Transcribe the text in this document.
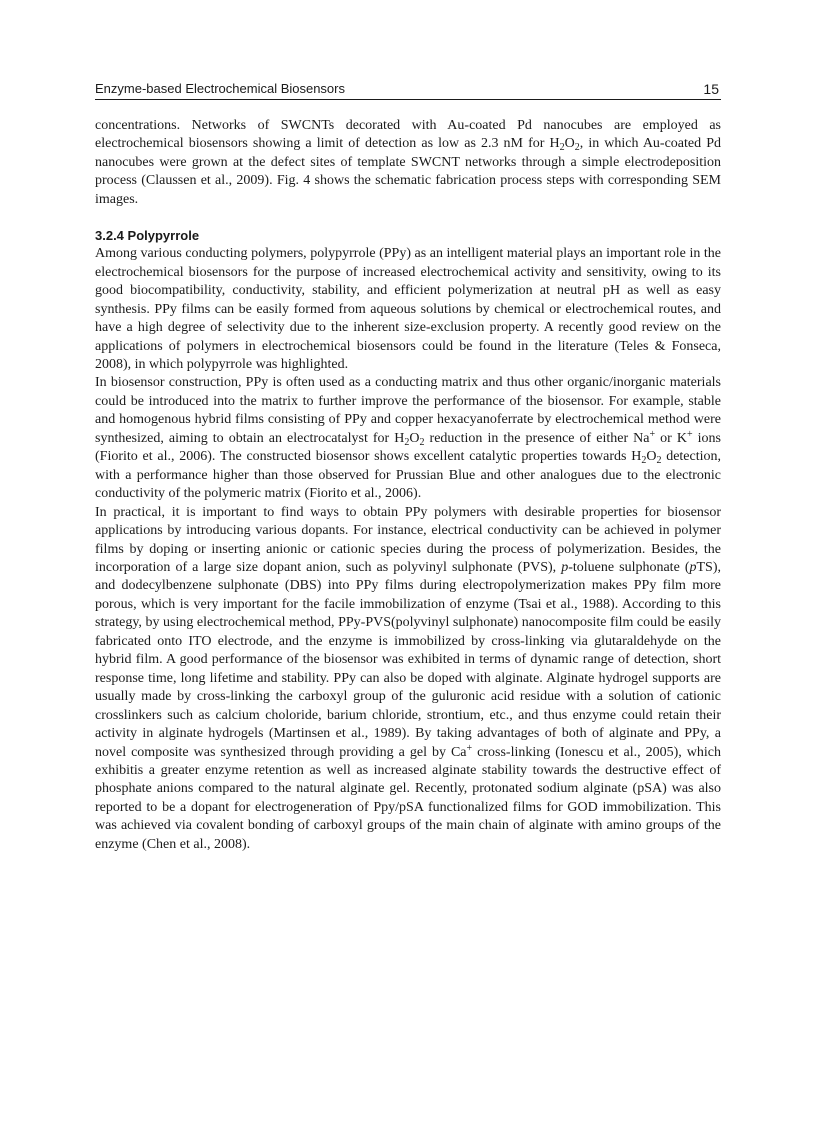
Enzyme-based Electrochemical Biosensors	15

concentrations. Networks of SWCNTs decorated with Au-coated Pd nanocubes are employed as electrochemical biosensors showing a limit of detection as low as 2.3 nM for $H_2O_2$, in which Au-coated Pd nanocubes were grown at the defect sites of template SWCNT networks through a simple electrodeposition process (Claussen et al., 2009). Fig. 4 shows the schematic fabrication process steps with corresponding SEM images.

3.2.4 Polypyrrole

Among various conducting polymers, polypyrrole (PPy) as an intelligent material plays an important role in the electrochemical biosensors for the purpose of increased electrochemical activity and sensitivity, owing to its good biocompatibility, conductivity, stability, and efficient polymerization at neutral pH as well as easy synthesis. PPy films can be easily formed from aqueous solutions by chemical or electrochemical routes, and have a high degree of selectivity due to the inherent size-exclusion property. A recently good review on the applications of polymers in electrochemical biosensors could be found in the literature (Teles & Fonseca, 2008), in which polypyrrole was highlighted.

In biosensor construction, PPy is often used as a conducting matrix and thus other organic/inorganic materials could be introduced into the matrix to further improve the performance of the biosensor. For example, stable and homogenous hybrid films consisting of PPy and copper hexacyanoferrate by electrochemical method were synthesized, aiming to obtain an electrocatalyst for $H_2O_2$ reduction in the presence of either Na+ or K+ ions (Fiorito et al., 2006). The constructed biosensor shows excellent catalytic properties towards $H_2O_2$ detection, with a performance higher than those observed for Prussian Blue and other analogues due to the electronic conductivity of the polymeric matrix (Fiorito et al., 2006).

In practical, it is important to find ways to obtain PPy polymers with desirable properties for biosensor applications by introducing various dopants. For instance, electrical conductivity can be achieved in polymer films by doping or inserting anionic or cationic species during the process of polymerization. Besides, the incorporation of a large size dopant anion, such as polyvinyl sulphonate (PVS), p-toluene sulphonate (pTS), and dodecylbenzene sulphonate (DBS) into PPy films during electropolymerization makes PPy film more porous, which is very important for the facile immobilization of enzyme (Tsai et al., 1988). According to this strategy, by using electrochemical method, PPy-PVS(polyvinyl sulphonate) nanocomposite film could be easily fabricated onto ITO electrode, and the enzyme is immobilized by cross-linking via glutaraldehyde on the hybrid film. A good performance of the biosensor was exhibited in terms of dynamic range of detection, short response time, long lifetime and stability. PPy can also be doped with alginate. Alginate hydrogel supports are usually made by cross-linking the carboxyl group of the guluronic acid residue with a solution of cationic crosslinkers such as calcium choloride, barium chloride, strontium, etc., and thus enzyme could retain their activity in alginate hydrogels (Martinsen et al., 1989). By taking advantages of both of alginate and PPy, a novel composite was synthesized through providing a gel by Ca+ cross-linking (Ionescu et al., 2005), which exhibitis a greater enzyme retention as well as increased alginate stability towards the destructive effect of phosphate anions compared to the natural alginate gel. Recently, protonated sodium alginate (pSA) was also reported to be a dopant for electrogeneration of Ppy/pSA functionalized films for GOD immobilization. This was achieved via covalent bonding of carboxyl groups of the main chain of alginate with amino groups of the enzyme (Chen et al., 2008).
